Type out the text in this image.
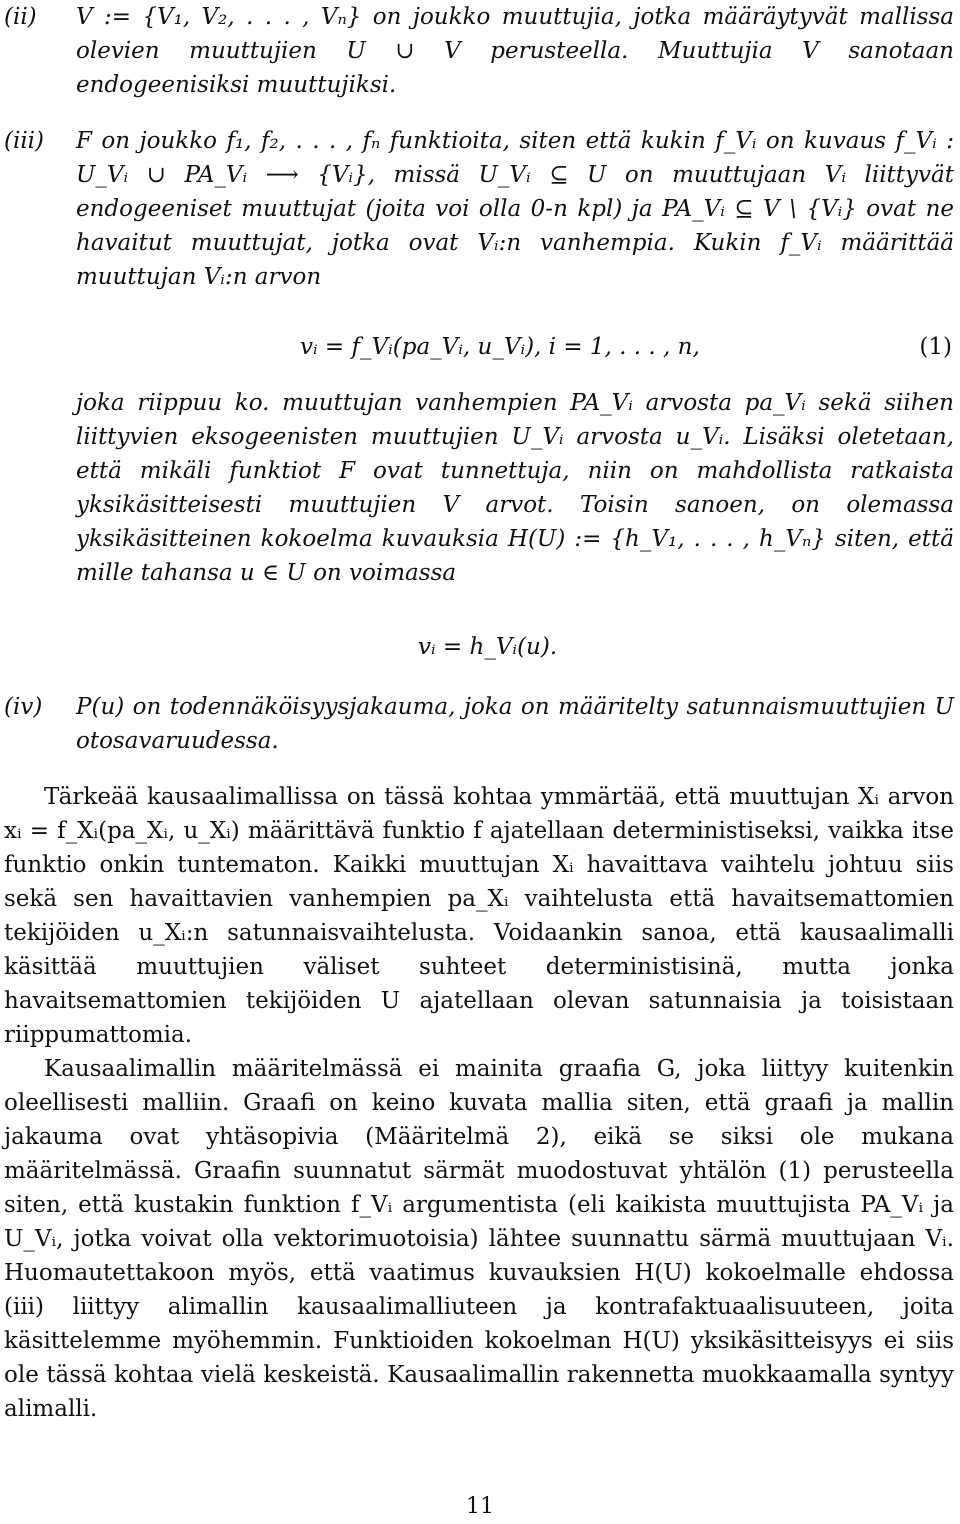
(ii) V := {V₁, V₂, . . . , Vₙ} on joukko muuttujia, jotka määräytyvät mallissa olevien muuttujien U ∪ V perusteella. Muuttujia V sanotaan endogeenisiksi muuttujiksi.
(iii) F on joukko f₁, f₂, . . . , fₙ funktioita, siten että kukin f_Vᵢ on kuvaus f_Vᵢ : U_Vᵢ ∪ PA_Vᵢ ⟶ {Vᵢ}, missä U_Vᵢ ⊆ U on muuttujaan Vᵢ liittyvät endogeeniset muuttujat (joita voi olla 0-n kpl) ja PA_Vᵢ ⊆ V \ {Vᵢ} ovat ne havaitut muuttujat, jotka ovat Vᵢ:n vanhempia. Kukin f_Vᵢ määrittää muuttujan Vᵢ:n arvon
vᵢ = f_Vᵢ(pa_Vᵢ, u_Vᵢ), i = 1, . . . , n,	(1)
joka riippuu ko. muuttujan vanhempien PA_Vᵢ arvosta pa_Vᵢ sekä siihen liittyvien eksogeenisten muuttujien U_Vᵢ arvosta u_Vᵢ. Lisäksi oletetaan, että mikäli funktiot F ovat tunnettuja, niin on mahdollista ratkaista yksikäsitteisesti muuttujien V arvot. Toisin sanoen, on olemassa yksikäsitteinen kokoelma kuvauksia H(U) := {h_V₁, . . . , h_Vₙ} siten, että mille tahansa u ∈ U on voimassa
vᵢ = h_Vᵢ(u).
(iv) P(u) on todennäköisyysjakauma, joka on määritelty satunnaismuuttujien U otosavaruudessa.

Tärkeää kausaalimallissa on tässä kohtaa ymmärtää, että muuttujan Xᵢ arvon xᵢ = f_Xᵢ(pa_Xᵢ, u_Xᵢ) määrittävä funktio f ajatellaan deterministiseksi, vaikka itse funktio onkin tuntematon. Kaikki muuttujan Xᵢ havaittava vaihtelu johtuu siis sekä sen havaittavien vanhempien pa_Xᵢ vaihtelusta että havaitsemattomien tekijöiden u_Xᵢ:n satunnaisvaihtelusta. Voidaankin sanoa, että kausaalimalli käsittää muuttujien väliset suhteet deterministisinä, mutta jonka havaitsemattomien tekijöiden U ajatellaan olevan satunnaisia ja toisistaan riippumattomia.

Kausaalimallin määritelmässä ei mainita graafia G, joka liittyy kuitenkin oleellisesti malliin. Graafi on keino kuvata mallia siten, että graafi ja mallin jakauma ovat yhtäsopivia (Määritelmä 2), eikä se siksi ole mukana määritelmässä. Graafin suunnatut särmät muodostuvat yhtälön (1) perusteella siten, että kustakin funktion f_Vᵢ argumentista (eli kaikista muuttujista PA_Vᵢ ja U_Vᵢ, jotka voivat olla vektorimuotoisia) lähtee suunnattu särmä muuttujaan Vᵢ. Huomautettakoon myös, että vaatimus kuvauksien H(U) kokoelmalle ehdossa (iii) liittyy alimallin kausaalimalliuteen ja kontrafaktuaalisuuteen, joita käsittelemme myöhemmin. Funktioiden kokoelman H(U) yksikäsitteisyys ei siis ole tässä kohtaa vielä keskeistä. Kausaalimallin rakennetta muokkaamalla syntyy alimalli.

11
